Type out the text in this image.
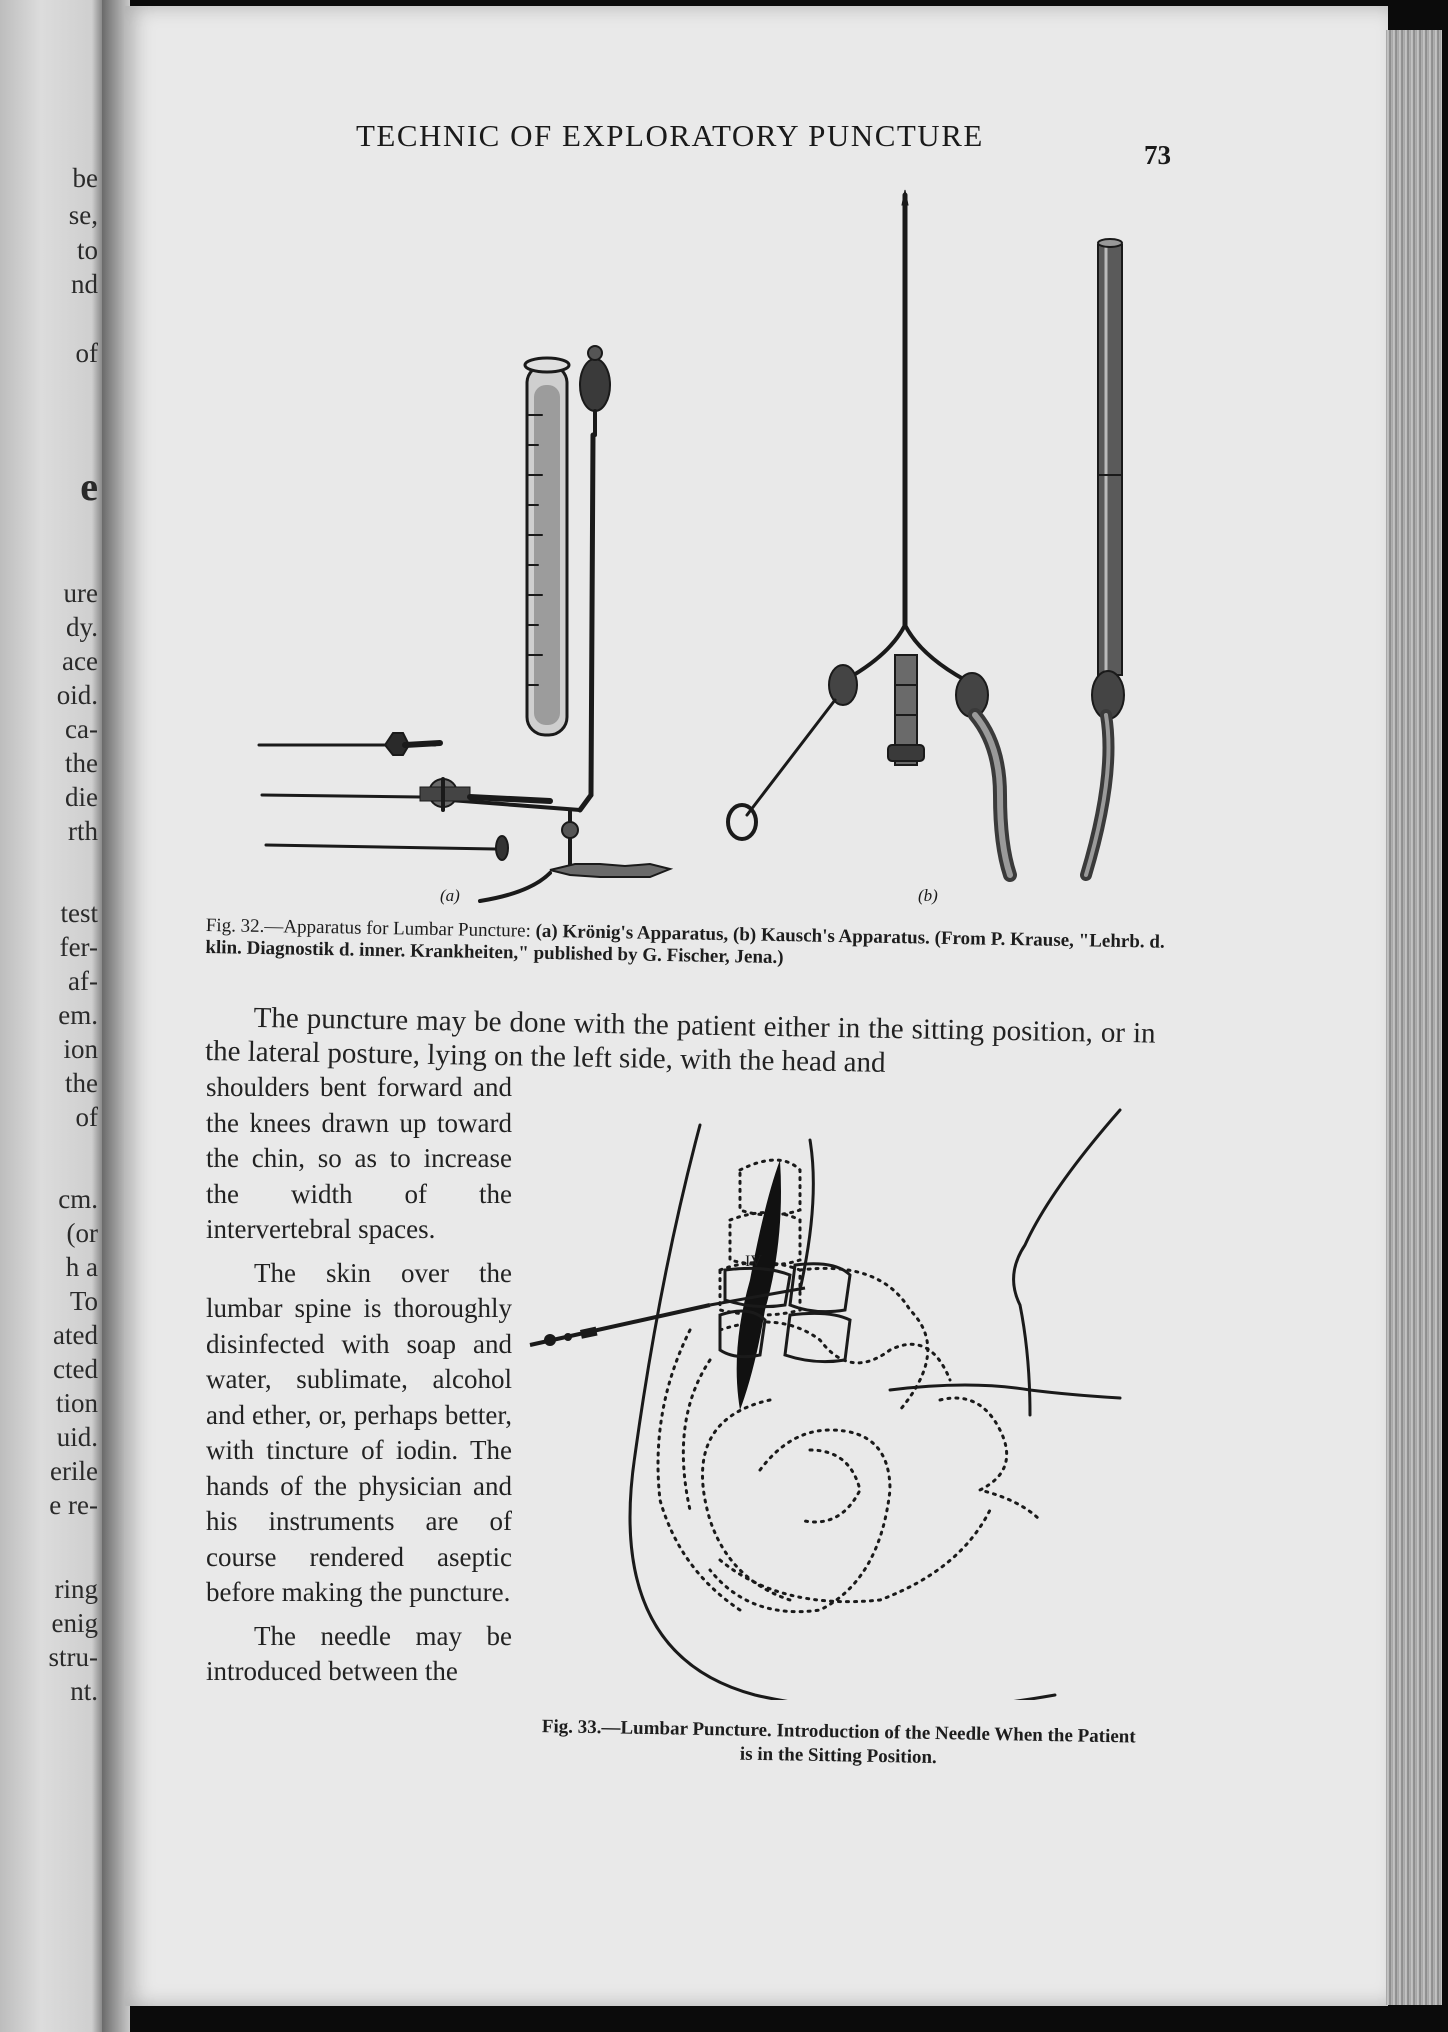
be
se,
to
nd
of
e
ure
dy.
ace
oid.
ca-
the
die
rth
test
fer-
af-
em.
ion
the
of
cm.
(or
h a
To
ated
cted
tion
uid.
erile
e re-
ring
enig
stru-
nt.
TECHNIC OF EXPLORATORY PUNCTURE
73
(a)	(b)
Fig. 32.—Apparatus for Lumbar Puncture: (a) Krönig's Apparatus, (b) Kausch's Apparatus. (From P. Krause, "Lehrb. d. klin. Diagnostik d. inner. Krankheiten," published by G. Fischer, Jena.)

The puncture may be done with the patient either in the sitting position, or in the lateral posture, lying on the left side, with the head and

shoulders bent forward and the knees drawn up toward the chin, so as to increase the width of the intervertebral spaces.

The skin over the lumbar spine is thoroughly disinfected with soap and water, sublimate, alcohol and ether, or, perhaps better, with tincture of iodin. The hands of the physician and his instruments are of course rendered aseptic before making the puncture.

The needle may be introduced between the

IV
Fig. 33.—Lumbar Puncture. Introduction of the Needle When the Patient is in the Sitting Position.
